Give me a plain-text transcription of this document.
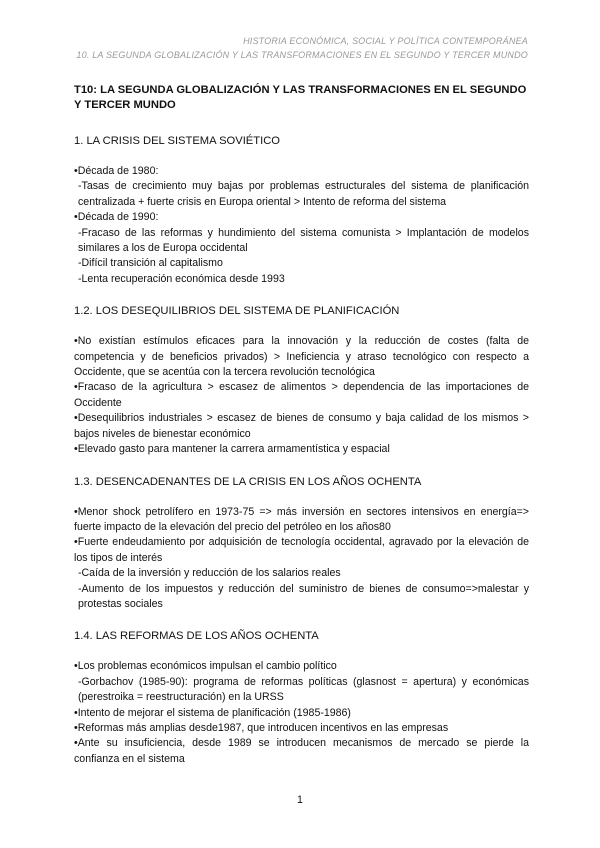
HISTORIA ECONÓMICA, SOCIAL Y POLÍTICA CONTEMPORÁNEA
10. LA SEGUNDA GLOBALIZACIÓN Y LAS TRANSFORMACIONES EN EL SEGUNDO Y TERCER MUNDO
T10: LA SEGUNDA GLOBALIZACIÓN Y LAS TRANSFORMACIONES EN EL SEGUNDO Y TERCER MUNDO
1. LA CRISIS DEL SISTEMA SOVIÉTICO

• Década de 1980:

- Tasas de crecimiento muy bajas por problemas estructurales del sistema de planificación centralizada + fuerte crisis en Europa oriental > Intento de reforma del sistema

• Década de 1990:

- Fracaso de las reformas y hundimiento del sistema comunista > Implantación de modelos similares a los de Europa occidental

- Difícil transición al capitalismo

- Lenta recuperación económica desde 1993

1.2. LOS DESEQUILIBRIOS DEL SISTEMA DE PLANIFICACIÓN

• No existían estímulos eficaces para la innovación y la reducción de costes (falta de competencia y de beneficios privados) > Ineficiencia y atraso tecnológico con respecto a Occidente, que se acentúa con la tercera revolución tecnológica

• Fracaso de la agricultura > escasez de alimentos > dependencia de las importaciones de Occidente

• Desequilibrios industriales > escasez de bienes de consumo y baja calidad de los mismos > bajos niveles de bienestar económico

• Elevado gasto para mantener la carrera armamentística y espacial

1.3. DESENCADENANTES DE LA CRISIS EN LOS AÑOS OCHENTA

• Menor shock petrolífero en 1973-75 => más inversión en sectores intensivos en energía=> fuerte impacto de la elevación del precio del petróleo en los años80

• Fuerte endeudamiento por adquisición de tecnología occidental, agravado por la elevación de los tipos de interés

- Caída de la inversión y reducción de los salarios reales

- Aumento de los impuestos y reducción del suministro de bienes de consumo=>malestar y protestas sociales

1.4. LAS REFORMAS DE LOS AÑOS OCHENTA

• Los problemas económicos impulsan el cambio político

- Gorbachov (1985-90): programa de reformas políticas (glasnost = apertura) y económicas (perestroika = reestructuración) en la URSS

• Intento de mejorar el sistema de planificación (1985-1986)

• Reformas más amplias desde1987, que introducen incentivos en las empresas

• Ante su insuficiencia, desde 1989 se introducen mecanismos de mercado se pierde la confianza en el sistema

1
